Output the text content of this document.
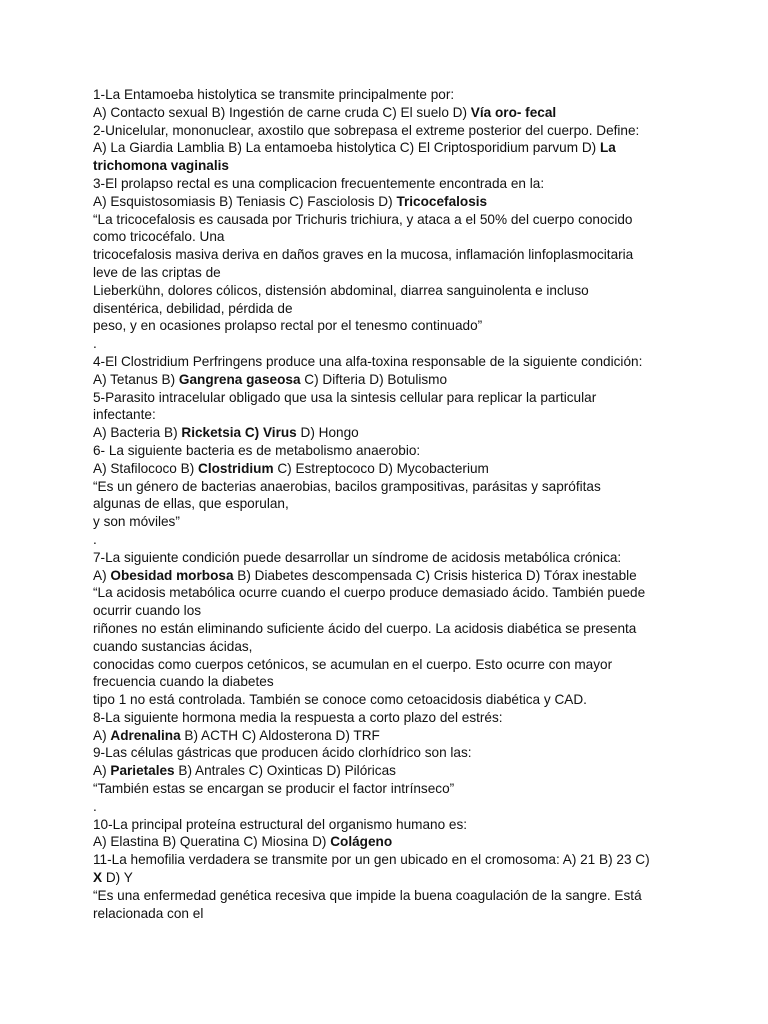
1-La Entamoeba histolytica se transmite principalmente por:
A) Contacto sexual B) Ingestión de carne cruda C) El suelo D) Vía oro- fecal
2-Unicelular, mononuclear, axostilo que sobrepasa el extreme posterior del cuerpo. Define:
A) La Giardia Lamblia B) La entamoeba histolytica C) El Criptosporidium parvum D) La
trichomona vaginalis
3-El prolapso rectal es una complicacion frecuentemente encontrada en la:
A) Esquistosomiasis B) Teniasis C) Fasciolosis D) Tricocefalosis
“La tricocefalosis es causada por Trichuris trichiura, y ataca a el 50% del cuerpo conocido
como tricocéfalo. Una
tricocefalosis masiva deriva en daños graves en la mucosa, inflamación linfoplasmocitaria
leve de las criptas de
Lieberkühn, dolores cólicos, distensión abdominal, diarrea sanguinolenta e incluso
disentérica, debilidad, pérdida de
peso, y en ocasiones prolapso rectal por el tenesmo continuado”
.
4-El Clostridium Perfringens produce una alfa-toxina responsable de la siguiente condición:
A) Tetanus B) Gangrena gaseosa C) Difteria D) Botulismo
5-Parasito intracelular obligado que usa la sintesis cellular para replicar la particular
infectante:
A) Bacteria B) Ricketsia C) Virus D) Hongo
6- La siguiente bacteria es de metabolismo anaerobio:
A) Stafilococo B) Clostridium C) Estreptococo D) Mycobacterium
“Es un género de bacterias anaerobias, bacilos grampositivas, parásitas y saprófitas
algunas de ellas, que esporulan,
y son móviles”
.
7-La siguiente condición puede desarrollar un síndrome de acidosis metabólica crónica:
A) Obesidad morbosa B) Diabetes descompensada C) Crisis histerica D) Tórax inestable
“La acidosis metabólica ocurre cuando el cuerpo produce demasiado ácido. También puede
ocurrir cuando los
riñones no están eliminando suficiente ácido del cuerpo. La acidosis diabética se presenta
cuando sustancias ácidas,
conocidas como cuerpos cetónicos, se acumulan en el cuerpo. Esto ocurre con mayor
frecuencia cuando la diabetes
tipo 1 no está controlada. También se conoce como cetoacidosis diabética y CAD.
8-La siguiente hormona media la respuesta a corto plazo del estrés:
A) Adrenalina B) ACTH C) Aldosterona D) TRF
9-Las células gástricas que producen ácido clorhídrico son las:
A) Parietales B) Antrales C) Oxinticas D) Pilóricas
“También estas se encargan se producir el factor intrínseco”
.
10-La principal proteína estructural del organismo humano es:
A) Elastina B) Queratina C) Miosina D) Colágeno
11-La hemofilia verdadera se transmite por un gen ubicado en el cromosoma: A) 21 B) 23 C)
X D) Y
“Es una enfermedad genética recesiva que impide la buena coagulación de la sangre. Está
relacionada con el
